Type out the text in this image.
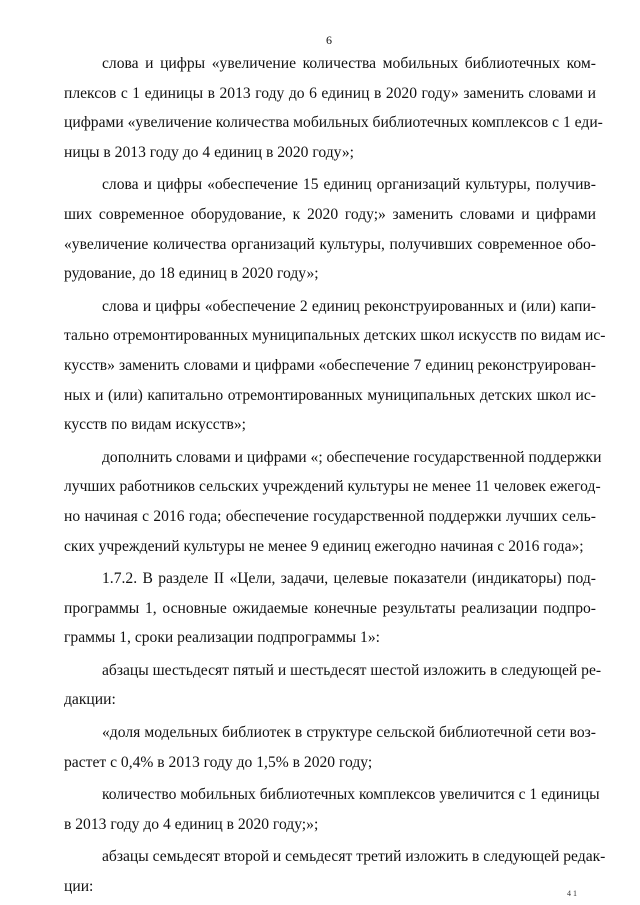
6
слова и цифры «увеличение количества мобильных библиотечных ком-
плексов с 1 единицы в 2013 году до 6 единиц в 2020 году» заменить словами и
цифрами «увеличение количества мобильных библиотечных комплексов с 1 еди-
ницы в 2013 году до 4 единиц в 2020 году»;
слова и цифры «обеспечение 15 единиц организаций культуры, получив-
ших современное оборудование, к 2020 году;» заменить словами и цифрами
«увеличение количества организаций культуры, получивших современное обо-
рудование, до 18 единиц в 2020 году»;
слова и цифры «обеспечение 2 единиц реконструированных и (или) капи-
тально отремонтированных муниципальных детских школ искусств по видам ис-
кусств» заменить словами и цифрами «обеспечение 7 единиц реконструирован-
ных и (или) капитально отремонтированных муниципальных детских школ ис-
кусств по видам искусств»;
дополнить словами и цифрами «; обеспечение государственной поддержки
лучших работников сельских учреждений культуры не менее 11 человек ежегод-
но начиная с 2016 года; обеспечение государственной поддержки лучших сель-
ских учреждений культуры не менее 9 единиц ежегодно начиная с 2016 года»;
1.7.2. В разделе II «Цели, задачи, целевые показатели (индикаторы) под-
программы 1, основные ожидаемые конечные результаты реализации подпро-
граммы 1, сроки реализации подпрограммы 1»:
абзацы шестьдесят пятый и шестьдесят шестой изложить в следующей ре-
дакции:
«доля модельных библиотек в структуре сельской библиотечной сети воз-
растет с 0,4% в 2013 году до 1,5% в 2020 году;
количество мобильных библиотечных комплексов увеличится с 1 единицы
в 2013 году до 4 единиц в 2020 году;»;
абзацы семьдесят второй и семьдесят третий изложить в следующей редак-
ции:	4 1
